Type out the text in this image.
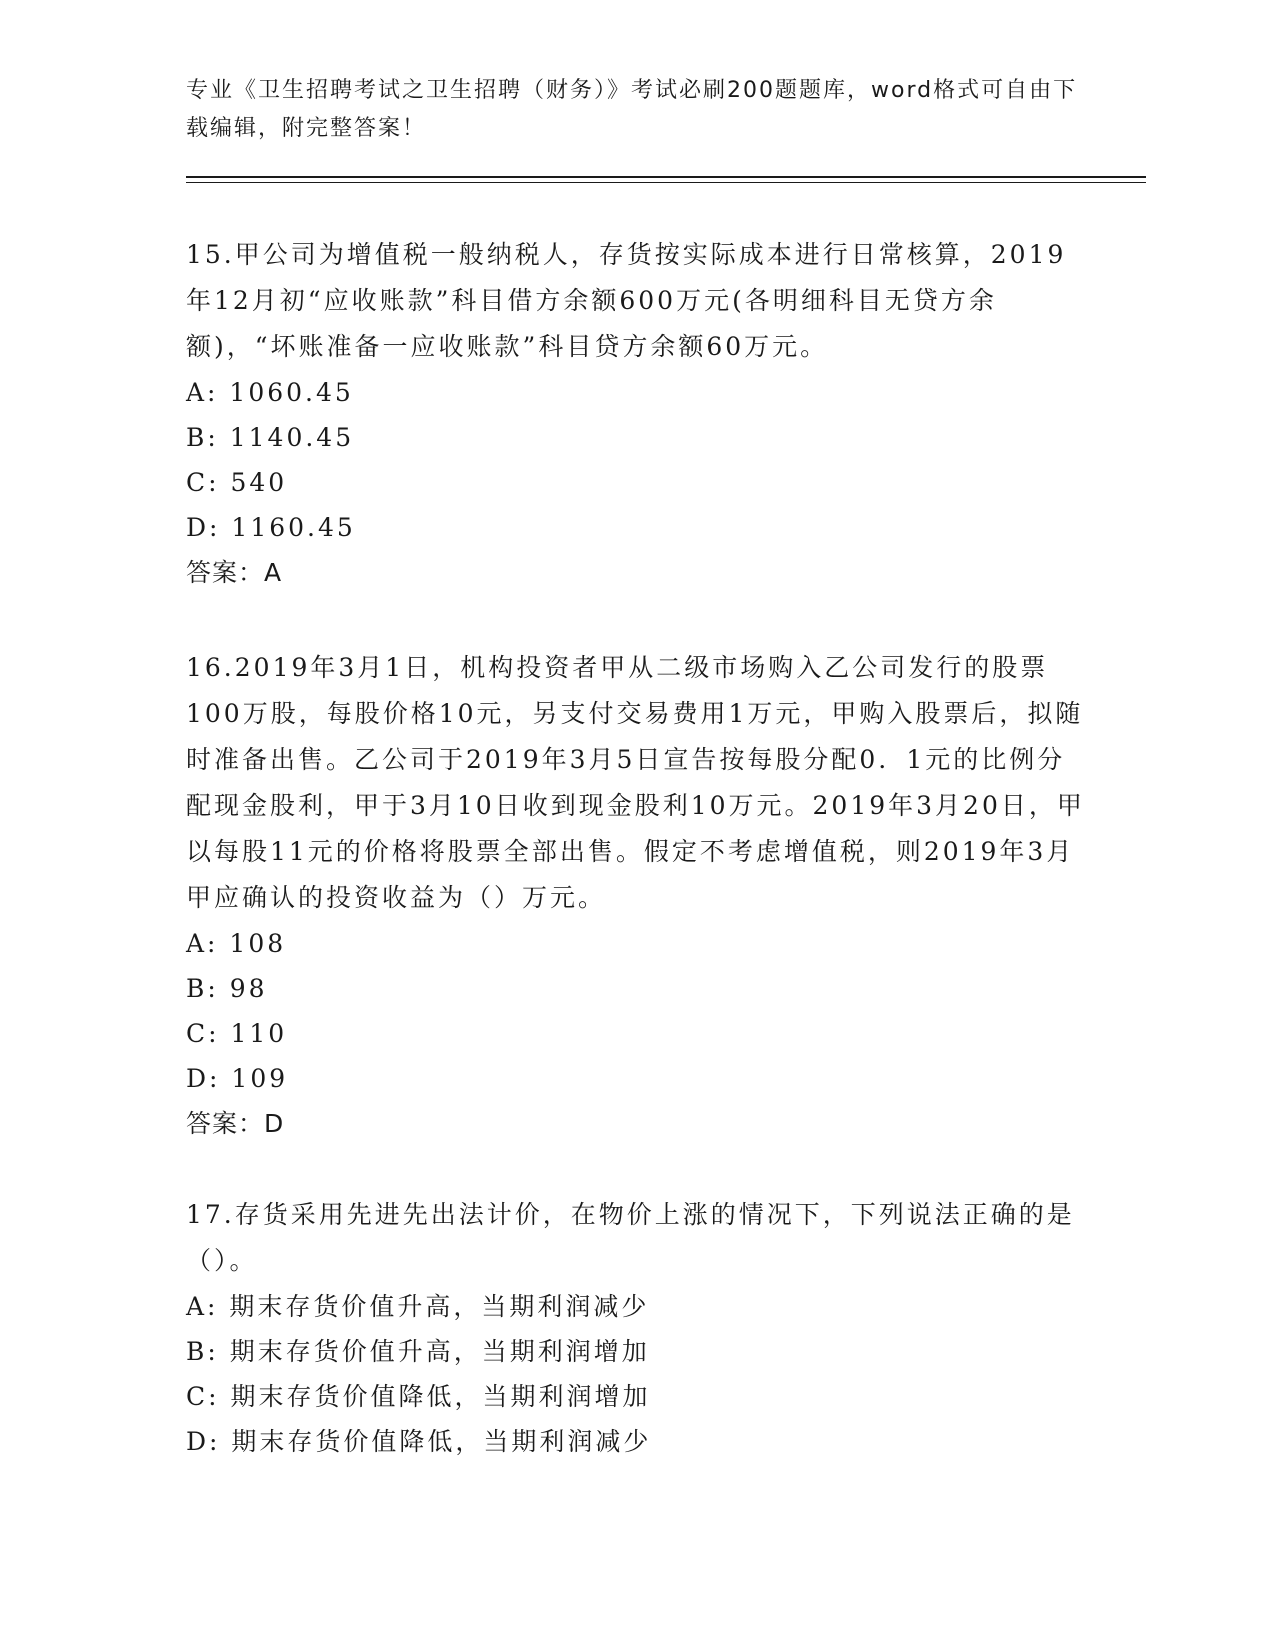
专业《卫生招聘考试之卫生招聘（财务）》考试必刷200题题库，word格式可自由下载编辑，附完整答案！
15.甲公司为增值税一般纳税人，存货按实际成本进行日常核算，2019年12月初“应收账款”科目借方余额600万元(各明细科目无贷方余额)，“坏账准备一应收账款”科目贷方余额60万元。
A: 1060.45
B: 1140.45
C: 540
D: 1160.45
答案：A
16.2019年3月1日，机构投资者甲从二级市场购入乙公司发行的股票100万股，每股价格10元，另支付交易费用1万元，甲购入股票后，拟随时准备出售。乙公司于2019年3月5日宣告按每股分配0．1元的比例分配现金股利，甲于3月10日收到现金股利10万元。2019年3月20日，甲以每股11元的价格将股票全部出售。假定不考虑增值税，则2019年3月甲应确认的投资收益为（）万元。
A: 108
B: 98
C: 110
D: 109
答案：D
17.存货采用先进先出法计价，在物价上涨的情况下，下列说法正确的是（）。
A: 期末存货价值升高，当期利润减少
B: 期末存货价值升高，当期利润增加
C: 期末存货价值降低，当期利润增加
D: 期末存货价值降低，当期利润减少
